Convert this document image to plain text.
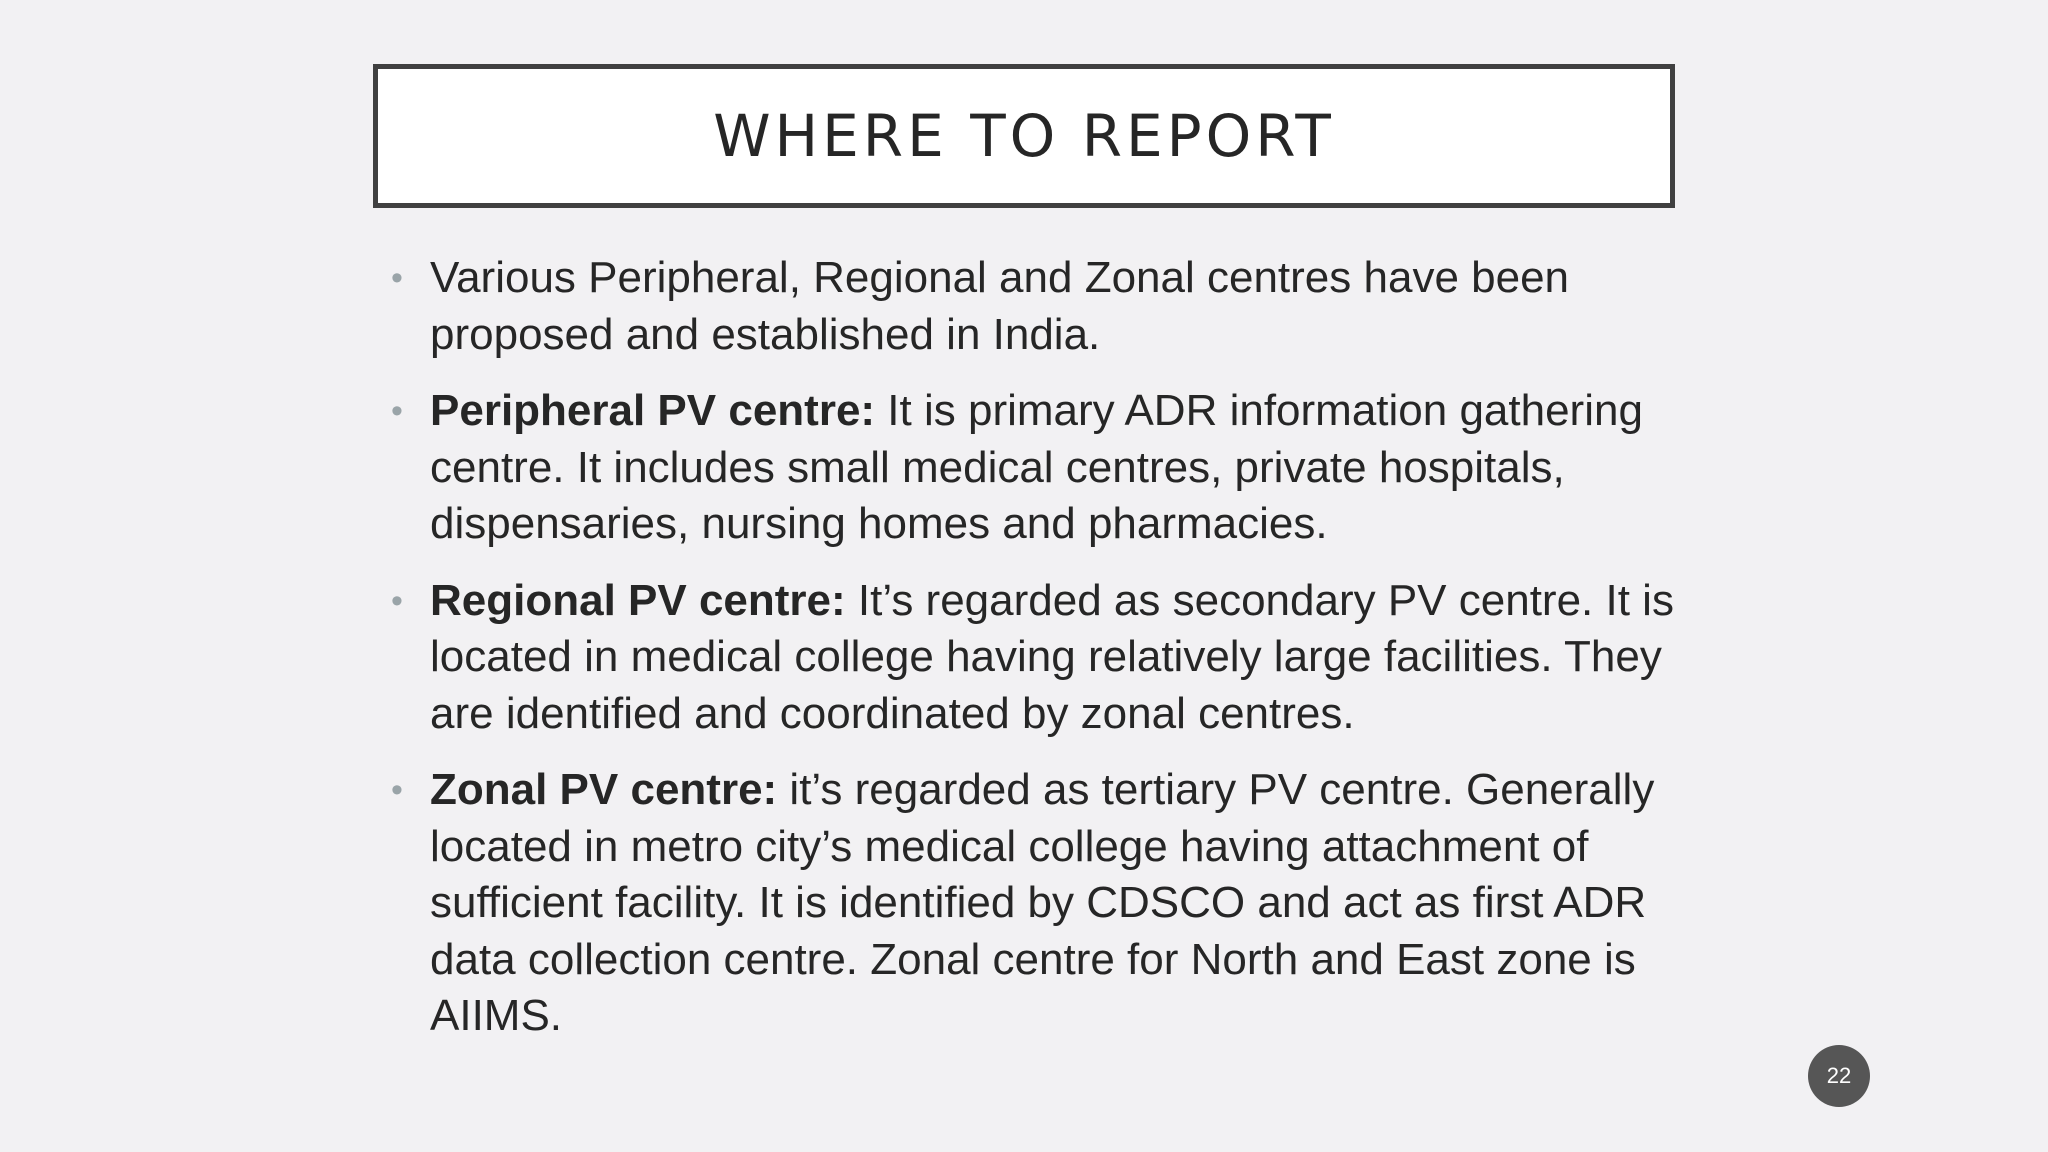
WHERE TO REPORT
• Various Peripheral, Regional and Zonal centres have been proposed and established in India.
• Peripheral PV centre: It is primary ADR information gathering centre. It includes small medical centres, private hospitals, dispensaries, nursing homes and pharmacies.
• Regional PV centre: It’s regarded as secondary PV centre. It is located in medical college having relatively large facilities. They are identified and coordinated by zonal centres.
• Zonal PV centre: it’s regarded as tertiary PV centre. Generally located in metro city’s medical college having attachment of sufficient facility. It is identified by CDSCO and act as first ADR data collection centre. Zonal centre for North and East zone is AIIMS.
22
